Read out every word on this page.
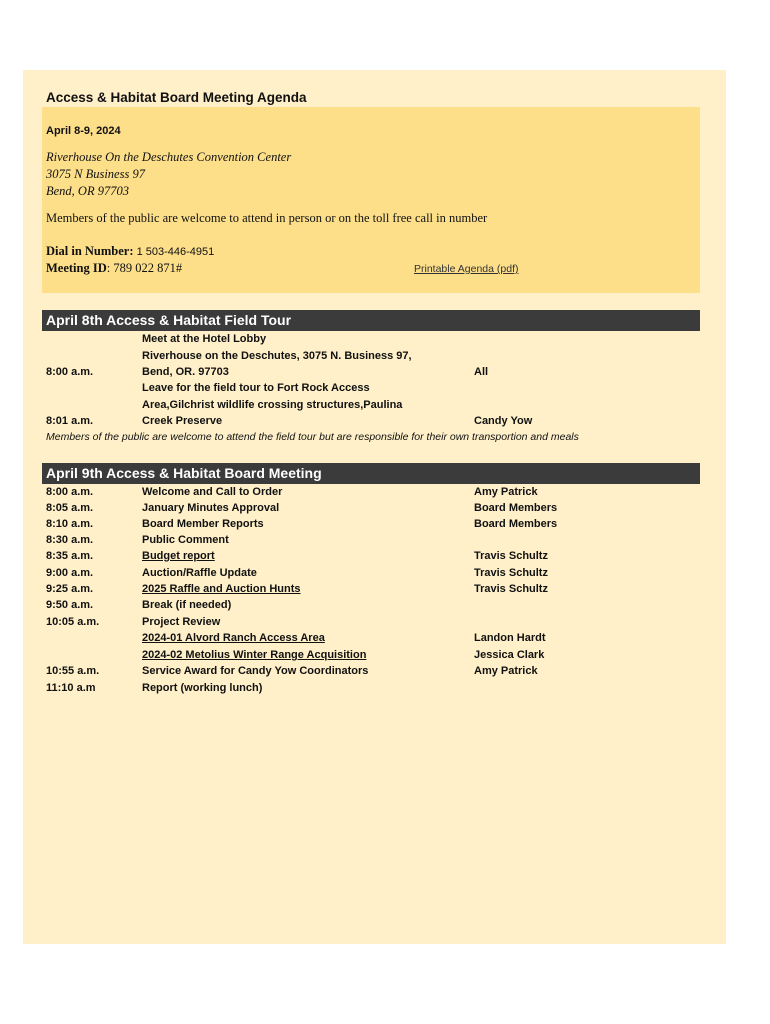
Access & Habitat Board Meeting Agenda
April 8-9, 2024
Riverhouse On the Deschutes Convention Center
3075 N Business 97
Bend, OR 97703
Members of the public are welcome to attend in person or on the toll free call in number
Dial in Number: 1 503-446-4951
Meeting ID: 789 022 871#	Printable Agenda (pdf)
April 8th Access & Habitat Field Tour
Meet at the Hotel Lobby
Riverhouse on the Deschutes, 3075 N. Business 97,
8:00 a.m.	Bend, OR. 97703	All
Leave for the field tour to Fort Rock Access
Area,Gilchrist wildlife crossing structures,Paulina
8:01 a.m.	Creek Preserve	Candy Yow
Members of the public are welcome to attend the field tour but are responsible for their own transportion and meals
April 9th Access & Habitat Board Meeting
8:00 a.m.	Welcome and Call to Order	Amy Patrick
8:05 a.m.	January Minutes Approval	Board Members
8:10 a.m.	Board Member Reports	Board Members
8:30 a.m.	Public Comment
8:35 a.m.	Budget report	Travis Schultz
9:00 a.m.	Auction/Raffle Update	Travis Schultz
9:25 a.m.	2025 Raffle and Auction Hunts	Travis Schultz
9:50 a.m.	Break (if needed)
10:05 a.m.	Project Review
2024-01 Alvord Ranch Access Area	Landon Hardt
2024-02 Metolius Winter Range Acquisition	Jessica Clark
10:55 a.m.	Service Award for Candy Yow Coordinators	Amy Patrick
11:10 a.m	Report (working lunch)
